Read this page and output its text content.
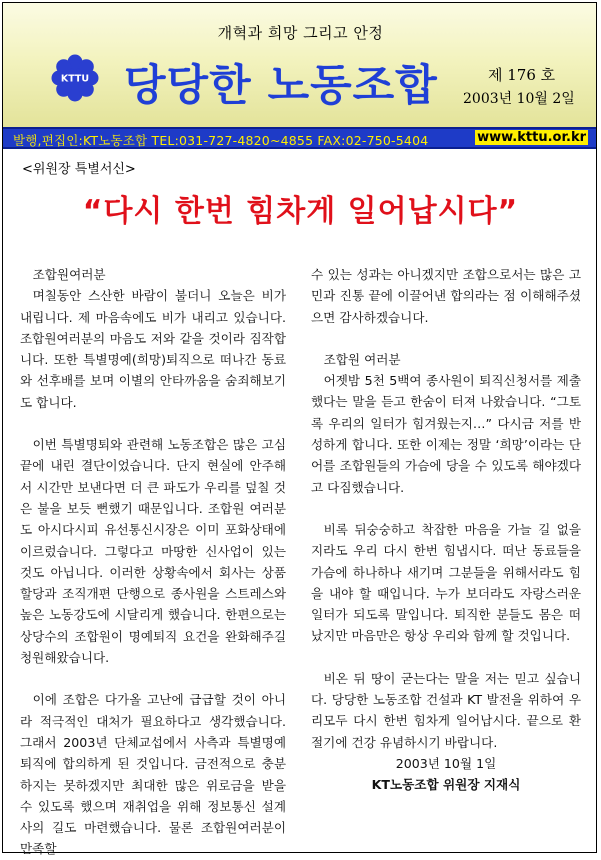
개혁과 희망 그리고 안정
KTTU 당당한 노동조합	제 176 호
2003년 10월 2일
발행,편집인:KT노동조합 TEL:031-727-4820~4855 FAX:02-750-5404	www.kttu.or.kr
<위원장 특별서신>
“다시 한번 힘차게 일어납시다”

조합원여러분

며칠동안 스산한 바람이 불더니 오늘은 비가 내립니다. 제 마음속에도 비가 내리고 있습니다. 조합원여러분의 마음도 저와 같을 것이라 짐작합니다. 또한 특별명예(희망)퇴직으로 떠나간 동료와 선후배를 보며 이별의 안타까움을 숨죄해보기도 합니다.

이번 특별명퇴와 관련해 노동조합은 많은 고심 끝에 내린 결단이었습니다. 단지 현실에 안주해서 시간만 보낸다면 더 큰 파도가 우리를 덮칠 것은 불을 보듯 뻔했기 때문입니다. 조합원 여러분도 아시다시피 유선통신시장은 이미 포화상태에 이르렀습니다. 그렇다고 마땅한 신사업이 있는 것도 아닙니다. 이러한 상황속에서 회사는 상품할당과 조직개편 단행으로 종사원을 스트레스와 높은 노동강도에 시달리게 했습니다. 한편으로는 상당수의 조합원이 명예퇴직 요건을 완화해주길 청원해왔습니다.

이에 조합은 다가올 고난에 급급할 것이 아니라 적극적인 대처가 필요하다고 생각했습니다. 그래서 2003년 단체교섭에서 사측과 특별명예퇴직에 합의하게 된 것입니다. 금전적으로 충분하지는 못하겠지만 최대한 많은 위로금을 받을 수 있도록 했으며 재취업을 위해 정보통신 설계사의 길도 마련했습니다. 물론 조합원여러분이 만족할

수 있는 성과는 아니겠지만 조합으로서는 많은 고민과 진통 끝에 이끌어낸 합의라는 점 이해해주셨으면 감사하겠습니다.

조합원 여러분

어젯밤 5천 5백여 종사원이 퇴직신청서를 제출했다는 말을 듣고 한숨이 터져 나왔습니다. “그토록 우리의 일터가 힘겨웠는지…” 다시금 저를 반성하게 합니다. 또한 이제는 정말 ‘희망’이라는 단어를 조합원들의 가슴에 당을 수 있도록 해야겠다고 다짐했습니다.

비록 뒤숭숭하고 착잡한 마음을 가늘 길 없을 지라도 우리 다시 한번 힘냅시다. 떠난 동료들을 가슴에 하나하나 새기며 그분들을 위해서라도 힘을 내야 할 때입니다. 누가 보더라도 자랑스러운 일터가 되도록 말입니다. 퇴직한 분들도 몸은 떠났지만 마음만은 항상 우리와 함께 할 것입니다.

비온 뒤 땅이 굳는다는 말을 저는 믿고 싶습니다. 당당한 노동조합 건설과 KT 발전을 위하여 우리모두 다시 한번 힘차게 일어납시다. 끝으로 환절기에 건강 유념하시기 바랍니다.

2003년 10월 1일

KT노동조합 위원장 지재식
